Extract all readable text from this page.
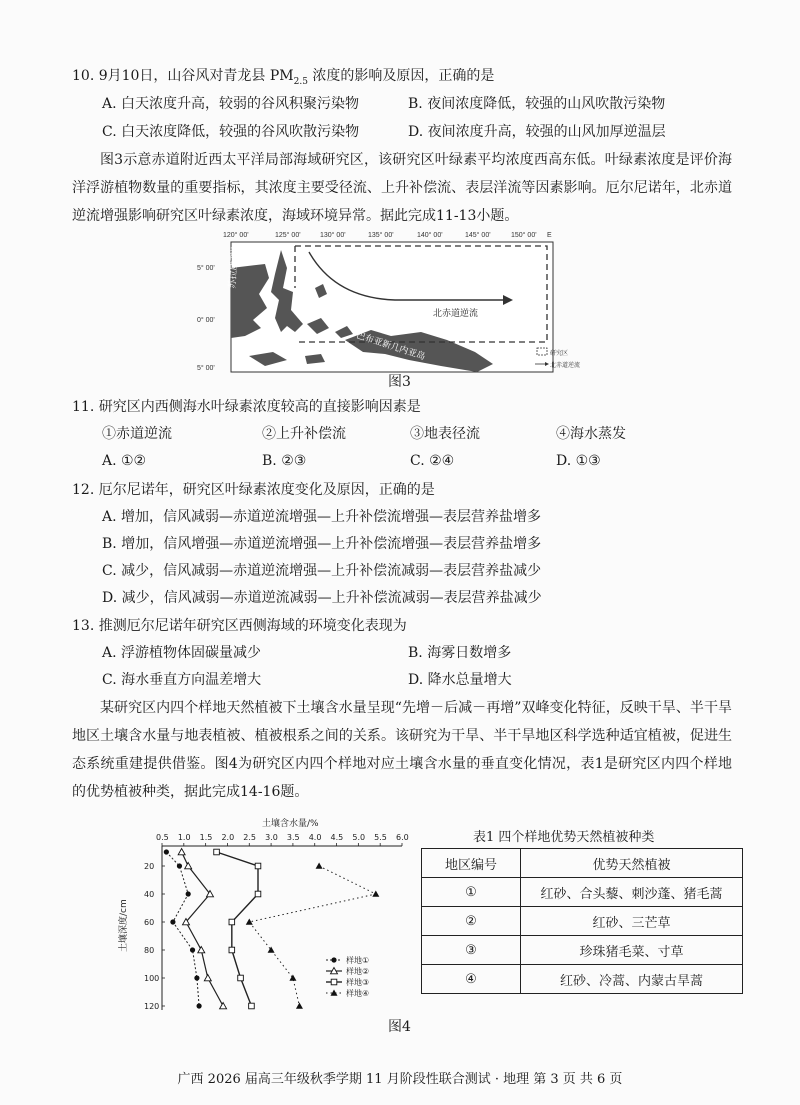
10. 9月10日，山谷风对青龙县 $PM_{2.5}$ 浓度的影响及原因，正确的是
A. 白天浓度升高，较弱的谷风积聚污染物	B. 夜间浓度降低，较强的山风吹散污染物
C. 白天浓度降低，较强的谷风吹散污染物	D. 夜间浓度升高，较强的山风加厚逆温层

图3示意赤道附近西太平洋局部海域研究区，该研究区叶绿素平均浓度西高东低。叶绿素浓度是评价海洋浮游植物数量的重要指标，其浓度主要受径流、上升补偿流、表层洋流等因素影响。厄尔尼诺年，北赤道逆流增强影响研究区叶绿素浓度，海域环境异常。据此完成11-13小题。

120° 00'	125° 00'	130° 00'	135° 00'	140° 00'	145° 00'	150° 00' E
5° 00'
0° 00'
5° 00'
苏拉威西海
北赤道逆流
巴布亚新几内亚岛	研究区
北赤道逆流
图3
11. 研究区内西侧海水叶绿素浓度较高的直接影响因素是
①赤道逆流	②上升补偿流	③地表径流	④海水蒸发
A. ①②	B. ②③	C. ②④	D. ①③
12. 厄尔尼诺年，研究区叶绿素浓度变化及原因，正确的是
A. 增加，信风减弱—赤道逆流增强—上升补偿流增强—表层营养盐增多
B. 增加，信风增强—赤道逆流增强—上升补偿流增强—表层营养盐增多
C. 减少，信风减弱—赤道逆流增强—上升补偿流减弱—表层营养盐减少
D. 减少，信风减弱—赤道逆流减弱—上升补偿流减弱—表层营养盐减少
13. 推测厄尔尼诺年研究区西侧海域的环境变化表现为
A. 浮游植物体固碳量减少	B. 海雾日数增多
C. 海水垂直方向温差增大	D. 降水总量增大

某研究区内四个样地天然植被下土壤含水量呈现“先增－后减－再增”双峰变化特征，反映干旱、半干旱地区土壤含水量与地表植被、植被根系之间的关系。该研究为干旱、半干旱地区科学选种适宜植被，促进生态系统重建提供借鉴。图4为研究区内四个样地对应土壤含水量的垂直变化情况，表1是研究区内四个样地的优势植被种类，据此完成14-16题。

土壤含水量/%
0.5 1.0 1.5 2.0 2.5 3.0 3.5 4.0 4.5 5.0 5.5 6.0
20
40
60
80
100
120
土壤深度/cm
样地①
样地②
样地③
样地④
图4
表1 四个样地优势天然植被种类
地区编号	优势天然植被
①	红砂、合头藜、刺沙蓬、猪毛蒿
②	红砂、三芒草
③	珍珠猪毛菜、寸草
④	红砂、冷蒿、内蒙古旱蒿
广西 2026 届高三年级秋季学期 11 月阶段性联合测试 · 地理 第 3 页 共 6 页
